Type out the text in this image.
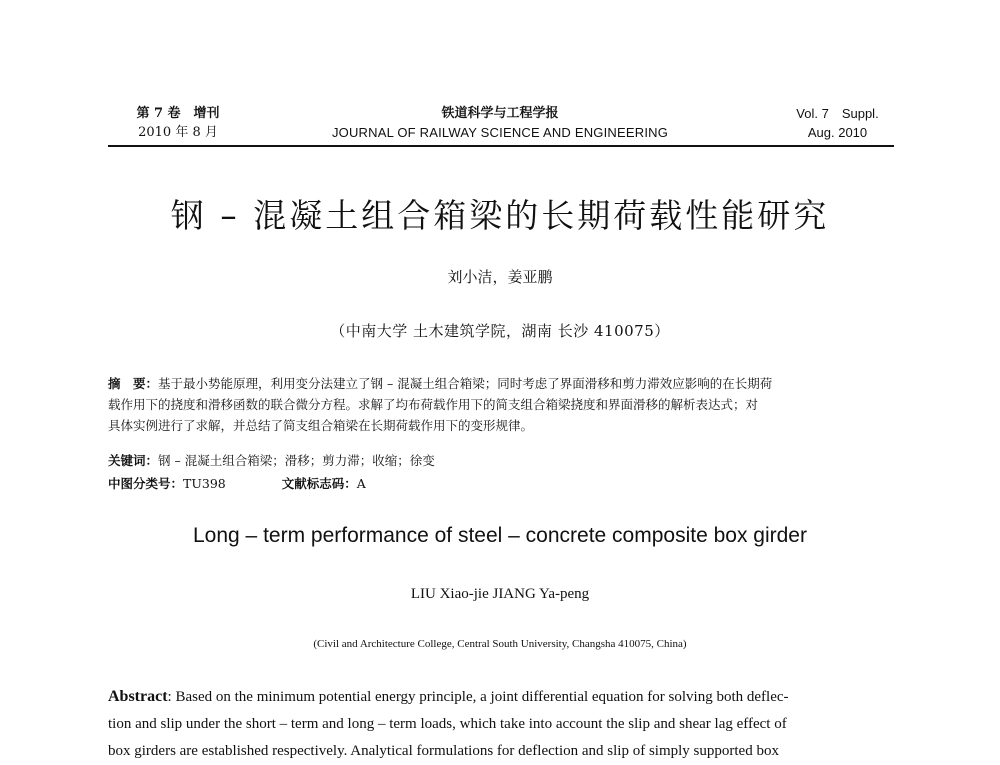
第 7 卷　增刊
2010 年 8 月
铁道科学与工程学报
JOURNAL OF RAILWAY SCIENCE AND ENGINEERING
Vol. 7　Suppl.
Aug. 2010
钢 – 混凝土组合箱梁的长期荷载性能研究
刘小洁，姜亚鹏
（中南大学 土木建筑学院，湖南 长沙 410075）
摘　要：基于最小势能原理，利用变分法建立了钢 – 混凝土组合箱梁；同时考虑了界面滑移和剪力滞效应影响的在长期荷
载作用下的挠度和滑移函数的联合微分方程。求解了均布荷载作用下的简支组合箱梁挠度和界面滑移的解析表达式；对
具体实例进行了求解，并总结了简支组合箱梁在长期荷载作用下的变形规律。
关键词：钢 – 混凝土组合箱梁；滑移；剪力滞；收缩；徐变
中图分类号：TU398	文献标志码：A
Long – term performance of steel – concrete composite box girder
LIU Xiao-jie JIANG Ya-peng
(Civil and Architecture College, Central South University, Changsha 410075, China)
Abstract: Based on the minimum potential energy principle, a joint differential equation for solving both deflec-
tion and slip under the short – term and long – term loads, which take into account the slip and shear lag effect of
box girders are established respectively. Analytical formulations for deflection and slip of simply supported box
